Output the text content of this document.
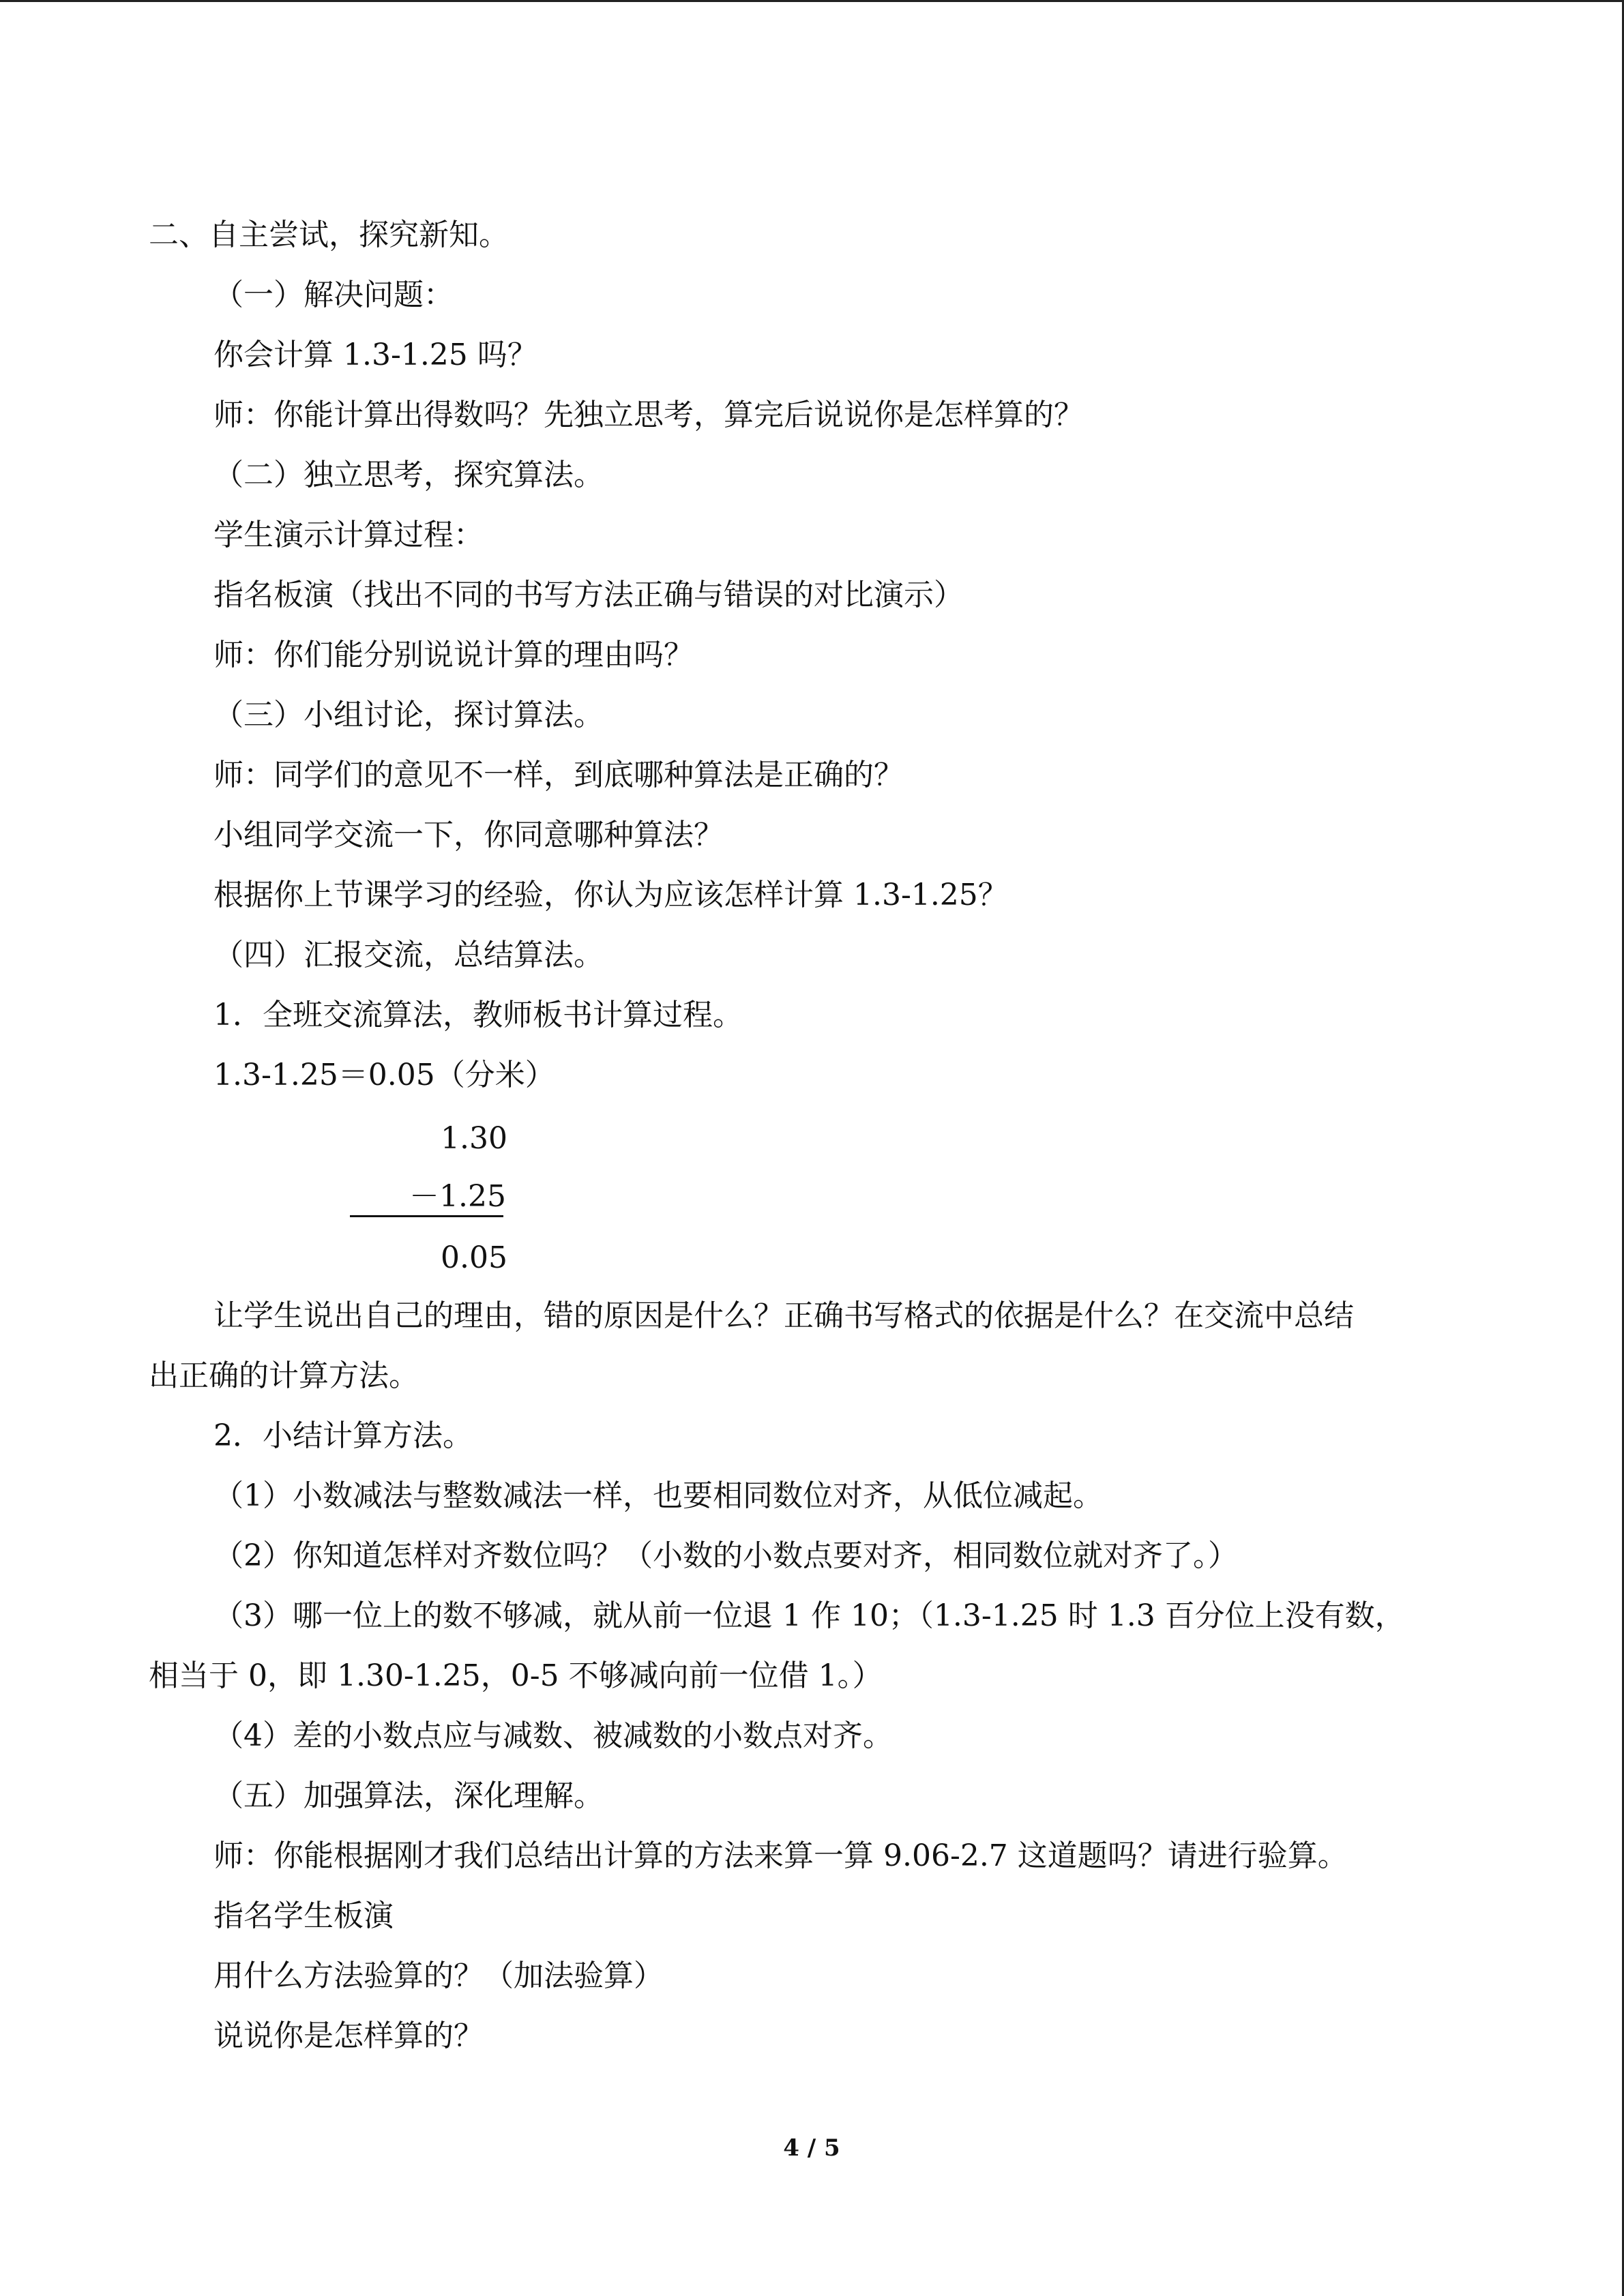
二、自主尝试，探究新知。
（一）解决问题：
你会计算 1.3-1.25 吗？
师：你能计算出得数吗？先独立思考，算完后说说你是怎样算的？
（二）独立思考，探究算法。
学生演示计算过程：
指名板演（找出不同的书写方法正确与错误的对比演示）
师：你们能分别说说计算的理由吗？
（三）小组讨论，探讨算法。
师：同学们的意见不一样，到底哪种算法是正确的？
小组同学交流一下，你同意哪种算法？
根据你上节课学习的经验，你认为应该怎样计算 1.3-1.25？
（四）汇报交流，总结算法。
1．全班交流算法，教师板书计算过程。
1.3-1.25＝0.05（分米）
1.30
－1.25
0.05
让学生说出自己的理由，错的原因是什么？正确书写格式的依据是什么？在交流中总结
出正确的计算方法。
2．小结计算方法。
（1）小数减法与整数减法一样，也要相同数位对齐，从低位减起。
（2）你知道怎样对齐数位吗？（小数的小数点要对齐，相同数位就对齐了。）
（3）哪一位上的数不够减，就从前一位退 1 作 10；（1.3-1.25 时 1.3 百分位上没有数，
相当于 0，即 1.30-1.25，0-5 不够减向前一位借 1。）
（4）差的小数点应与减数、被减数的小数点对齐。
（五）加强算法，深化理解。
师：你能根据刚才我们总结出计算的方法来算一算 9.06-2.7 这道题吗？请进行验算。
指名学生板演
用什么方法验算的？（加法验算）
说说你是怎样算的？
4 / 5
